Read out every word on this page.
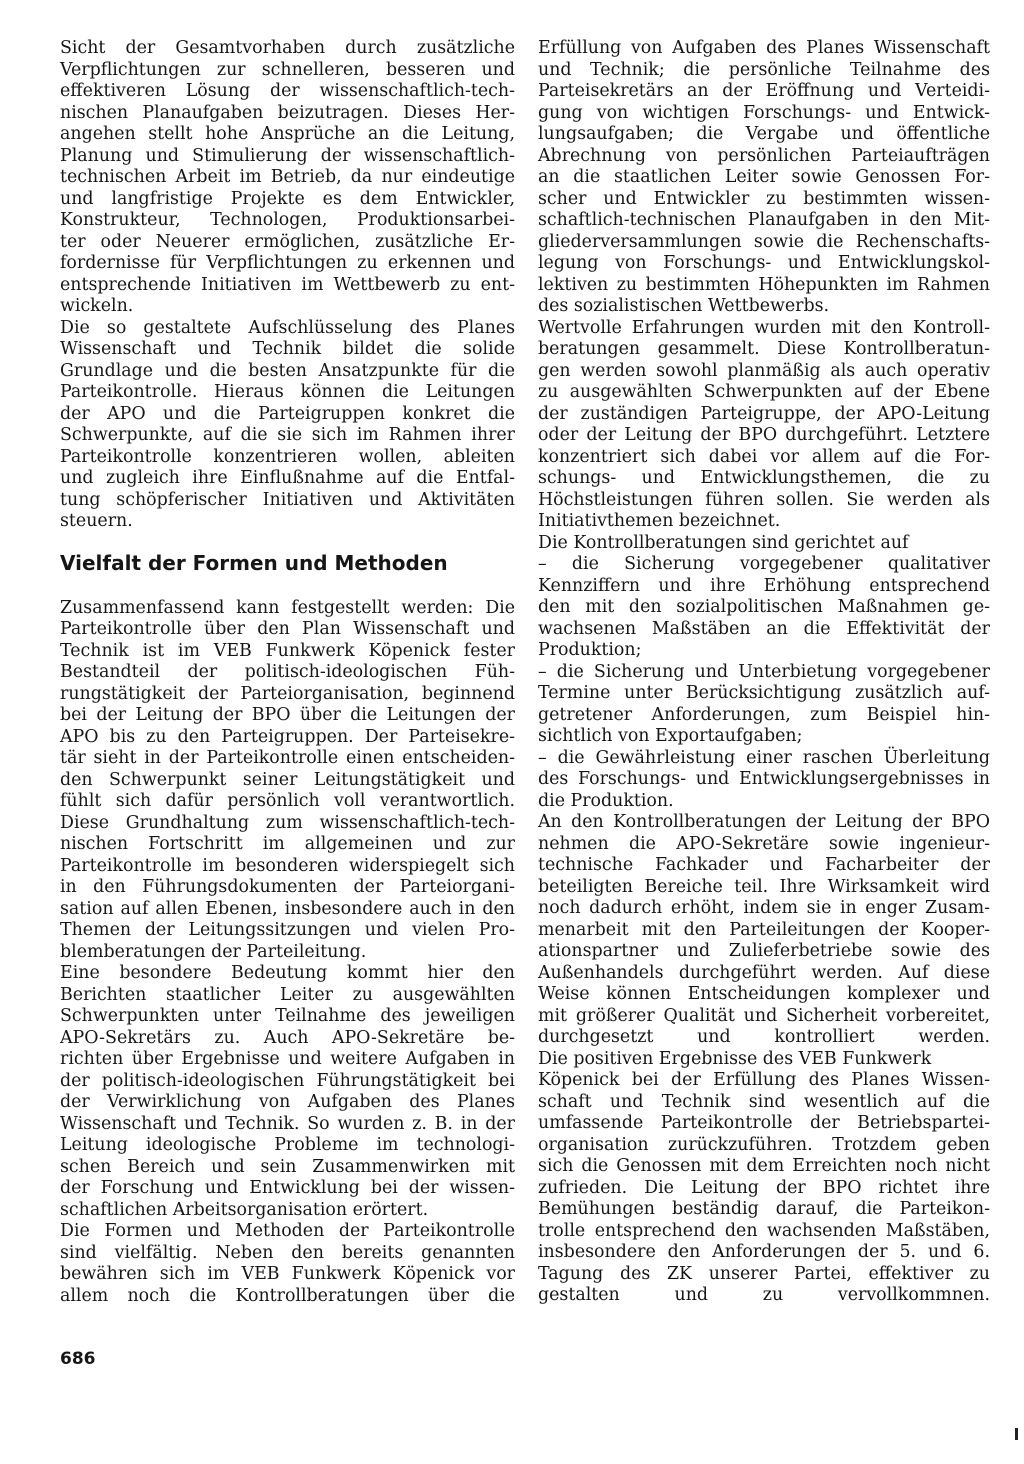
Sicht der Gesamtvorhaben durch zusätzliche
Verpflichtungen zur schnelleren, besseren und
effektiveren Lösung der wissenschaftlich-tech-
nischen Planaufgaben beizutragen. Dieses Her-
angehen stellt hohe Ansprüche an die Leitung,
Planung und Stimulierung der wissenschaftlich-
technischen Arbeit im Betrieb, da nur eindeutige
und langfristige Projekte es dem Entwickler,
Konstrukteur, Technologen, Produktionsarbei-
ter oder Neuerer ermöglichen, zusätzliche Er-
fordernisse für Verpflichtungen zu erkennen und
entsprechende Initiativen im Wettbewerb zu ent-
wickeln.
Die so gestaltete Aufschlüsselung des Planes
Wissenschaft und Technik bildet die solide
Grundlage und die besten Ansatzpunkte für die
Parteikontrolle. Hieraus können die Leitungen
der APO und die Parteigruppen konkret die
Schwerpunkte, auf die sie sich im Rahmen ihrer
Parteikontrolle konzentrieren wollen, ableiten
und zugleich ihre Einflußnahme auf die Entfal-
tung schöpferischer Initiativen und Aktivitäten
steuern.
Vielfalt der Formen und Methoden
Zusammenfassend kann festgestellt werden: Die
Parteikontrolle über den Plan Wissenschaft und
Technik ist im VEB Funkwerk Köpenick fester
Bestandteil der politisch-ideologischen Füh-
rungstätigkeit der Parteiorganisation, beginnend
bei der Leitung der BPO über die Leitungen der
APO bis zu den Parteigruppen. Der Parteisekre-
tär sieht in der Parteikontrolle einen entscheiden-
den Schwerpunkt seiner Leitungstätigkeit und
fühlt sich dafür persönlich voll verantwortlich.
Diese Grundhaltung zum wissenschaftlich-tech-
nischen Fortschritt im allgemeinen und zur
Parteikontrolle im besonderen widerspiegelt sich
in den Führungsdokumenten der Parteiorgani-
sation auf allen Ebenen, insbesondere auch in den
Themen der Leitungssitzungen und vielen Pro-
blemberatungen der Parteileitung.
Eine besondere Bedeutung kommt hier den
Berichten staatlicher Leiter zu ausgewählten
Schwerpunkten unter Teilnahme des jeweiligen
APO-Sekretärs zu. Auch APO-Sekretäre be-
richten über Ergebnisse und weitere Aufgaben in
der politisch-ideologischen Führungstätigkeit bei
der Verwirklichung von Aufgaben des Planes
Wissenschaft und Technik. So wurden z. B. in der
Leitung ideologische Probleme im technologi-
schen Bereich und sein Zusammenwirken mit
der Forschung und Entwicklung bei der wissen-
schaftlichen Arbeitsorganisation erörtert.
Die Formen und Methoden der Parteikontrolle
sind vielfältig. Neben den bereits genannten
bewähren sich im VEB Funkwerk Köpenick vor
allem noch die Kontrollberatungen über die
Erfüllung von Aufgaben des Planes Wissenschaft
und Technik; die persönliche Teilnahme des
Parteisekretärs an der Eröffnung und Verteidi-
gung von wichtigen Forschungs- und Entwick-
lungsaufgaben; die Vergabe und öffentliche
Abrechnung von persönlichen Parteiaufträgen
an die staatlichen Leiter sowie Genossen For-
scher und Entwickler zu bestimmten wissen-
schaftlich-technischen Planaufgaben in den Mit-
gliederversammlungen sowie die Rechenschafts-
legung von Forschungs- und Entwicklungskol-
lektiven zu bestimmten Höhepunkten im Rahmen
des sozialistischen Wettbewerbs.
Wertvolle Erfahrungen wurden mit den Kontroll-
beratungen gesammelt. Diese Kontrollberatun-
gen werden sowohl planmäßig als auch operativ
zu ausgewählten Schwerpunkten auf der Ebene
der zuständigen Parteigruppe, der APO-Leitung
oder der Leitung der BPO durchgeführt. Letztere
konzentriert sich dabei vor allem auf die For-
schungs- und Entwicklungsthemen, die zu
Höchstleistungen führen sollen. Sie werden als
Initiativthemen bezeichnet.
Die Kontrollberatungen sind gerichtet auf
– die Sicherung vorgegebener qualitativer
Kennziffern und ihre Erhöhung entsprechend
den mit den sozialpolitischen Maßnahmen ge-
wachsenen Maßstäben an die Effektivität der
Produktion;
– die Sicherung und Unterbietung vorgegebener
Termine unter Berücksichtigung zusätzlich auf-
getretener Anforderungen, zum Beispiel hin-
sichtlich von Exportaufgaben;
– die Gewährleistung einer raschen Überleitung
des Forschungs- und Entwicklungsergebnisses in
die Produktion.
An den Kontrollberatungen der Leitung der BPO
nehmen die APO-Sekretäre sowie ingenieur-
technische Fachkader und Facharbeiter der
beteiligten Bereiche teil. Ihre Wirksamkeit wird
noch dadurch erhöht, indem sie in enger Zusam-
menarbeit mit den Parteileitungen der Kooper-
ationspartner und Zulieferbetriebe sowie des
Außenhandels durchgeführt werden. Auf diese
Weise können Entscheidungen komplexer und
mit größerer Qualität und Sicherheit vorbereitet,
durchgesetzt und kontrolliert werden.
Die positiven Ergebnisse des VEB Funkwerk
Köpenick bei der Erfüllung des Planes Wissen-
schaft und Technik sind wesentlich auf die
umfassende Parteikontrolle der Betriebspartei-
organisation zurückzuführen. Trotzdem geben
sich die Genossen mit dem Erreichten noch nicht
zufrieden. Die Leitung der BPO richtet ihre
Bemühungen beständig darauf, die Parteikon-
trolle entsprechend den wachsenden Maßstäben,
insbesondere den Anforderungen der 5. und 6.
Tagung des ZK unserer Partei, effektiver zu
gestalten und zu vervollkommnen.
686
